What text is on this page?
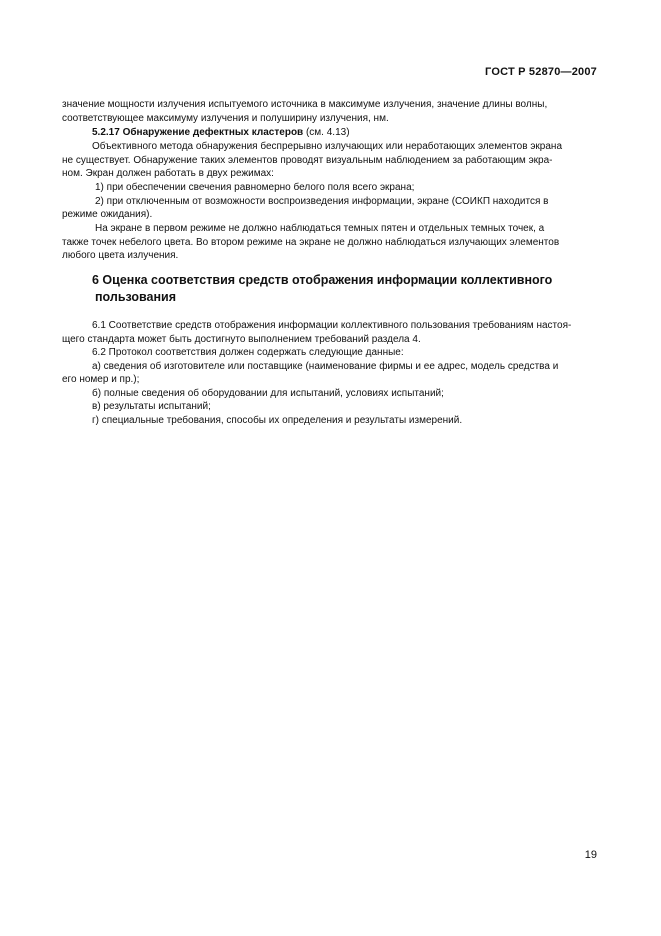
ГОСТ Р 52870—2007
значение мощности излучения испытуемого источника в максимуме излучения, значение длины волны,
соответствующее максимуму излучения и полуширину излучения, нм.
5.2.17 Обнаружение дефектных кластеров (см. 4.13)
Объективного метода обнаружения беспрерывно излучающих или неработающих элементов экрана
не существует. Обнаружение таких элементов проводят визуальным наблюдением за работающим экра-
ном. Экран должен работать в двух режимах:
1) при обеспечении свечения равномерно белого поля всего экрана;
2) при отключенным от возможности воспроизведения информации, экране (СОИКП находится в
режиме ожидания).
На экране в первом режиме не должно наблюдаться темных пятен и отдельных темных точек, а
также точек небелого цвета. Во втором режиме на экране не должно наблюдаться излучающих элементов
любого цвета излучения.
6 Оценка соответствия средств отображения информации коллективного
пользования
6.1 Соответствие средств отображения информации коллективного пользования требованиям настоя-
щего стандарта может быть достигнуто выполнением требований раздела 4.
6.2 Протокол соответствия должен содержать следующие данные:
а) сведения об изготовителе или поставщике (наименование фирмы и ее адрес, модель средства и
его номер и пр.);
б) полные сведения об оборудовании для испытаний, условиях испытаний;
в) результаты испытаний;
г) специальные требования, способы их определения и результаты измерений.
19
